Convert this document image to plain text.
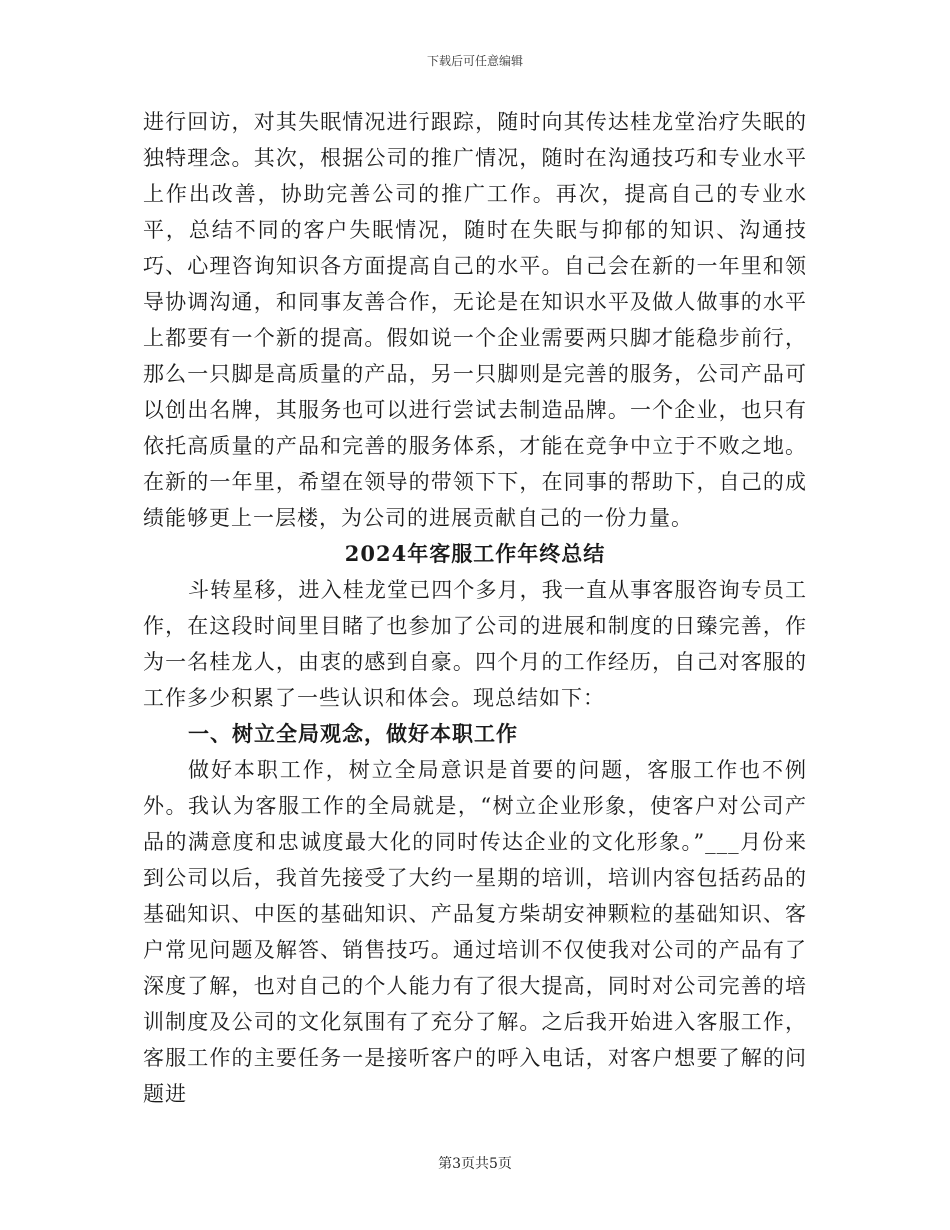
下载后可任意编辑

进行回访，对其失眠情况进行跟踪，随时向其传达桂龙堂治疗失眠的独特理念。其次，根据公司的推广情况，随时在沟通技巧和专业水平上作出改善，协助完善公司的推广工作。再次，提高自己的专业水平，总结不同的客户失眠情况，随时在失眠与抑郁的知识、沟通技巧、心理咨询知识各方面提高自己的水平。自己会在新的一年里和领导协调沟通，和同事友善合作，无论是在知识水平及做人做事的水平上都要有一个新的提高。假如说一个企业需要两只脚才能稳步前行，那么一只脚是高质量的产品，另一只脚则是完善的服务，公司产品可以创出名牌，其服务也可以进行尝试去制造品牌。一个企业，也只有依托高质量的产品和完善的服务体系，才能在竞争中立于不败之地。在新的一年里，希望在领导的带领下下，在同事的帮助下，自己的成绩能够更上一层楼，为公司的进展贡献自己的一份力量。

2024年客服工作年终总结

斗转星移，进入桂龙堂已四个多月，我一直从事客服咨询专员工作，在这段时间里目睹了也参加了公司的进展和制度的日臻完善，作为一名桂龙人，由衷的感到自豪。四个月的工作经历，自己对客服的工作多少积累了一些认识和体会。现总结如下：

一、树立全局观念，做好本职工作

做好本职工作，树立全局意识是首要的问题，客服工作也不例外。我认为客服工作的全局就是，“树立企业形象，使客户对公司产品的满意度和忠诚度最大化的同时传达企业的文化形象。”___月份来到公司以后，我首先接受了大约一星期的培训，培训内容包括药品的基础知识、中医的基础知识、产品复方柴胡安神颗粒的基础知识、客户常见问题及解答、销售技巧。通过培训不仅使我对公司的产品有了深度了解，也对自己的个人能力有了很大提高，同时对公司完善的培训制度及公司的文化氛围有了充分了解。之后我开始进入客服工作，客服工作的主要任务一是接听客户的呼入电话，对客户想要了解的问题进

第3页共5页
